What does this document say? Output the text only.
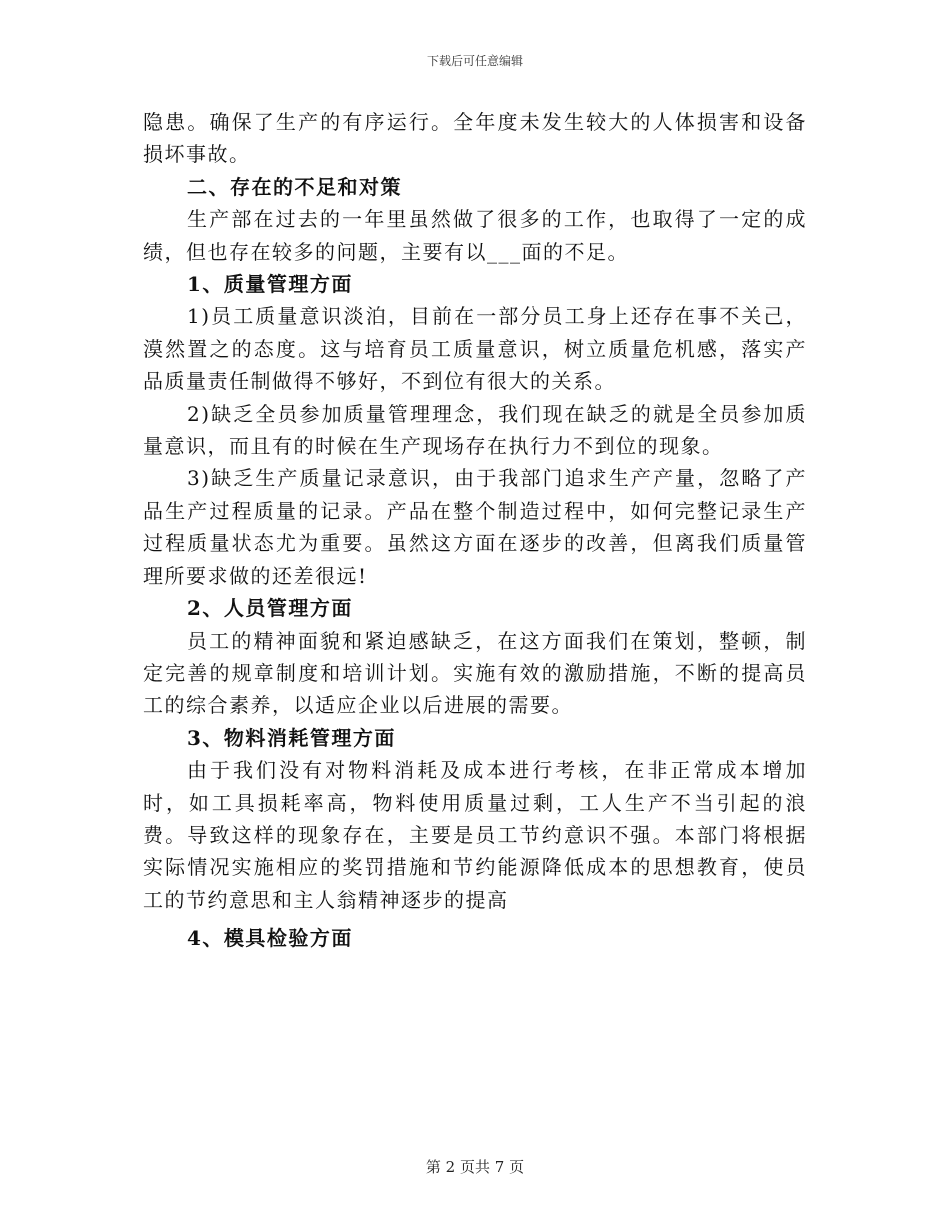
下载后可任意编辑

隐患。确保了生产的有序运行。全年度未发生较大的人体损害和设备损坏事故。

二、存在的不足和对策

生产部在过去的一年里虽然做了很多的工作，也取得了一定的成绩，但也存在较多的问题，主要有以___面的不足。

1、质量管理方面

1)员工质量意识淡泊，目前在一部分员工身上还存在事不关己，漠然置之的态度。这与培育员工质量意识，树立质量危机感，落实产品质量责任制做得不够好，不到位有很大的关系。

2)缺乏全员参加质量管理理念，我们现在缺乏的就是全员参加质量意识，而且有的时候在生产现场存在执行力不到位的现象。

3)缺乏生产质量记录意识，由于我部门追求生产产量，忽略了产品生产过程质量的记录。产品在整个制造过程中，如何完整记录生产过程质量状态尤为重要。虽然这方面在逐步的改善，但离我们质量管理所要求做的还差很远!

2、人员管理方面

员工的精神面貌和紧迫感缺乏，在这方面我们在策划，整顿，制定完善的规章制度和培训计划。实施有效的激励措施，不断的提高员工的综合素养，以适应企业以后进展的需要。

3、物料消耗管理方面

由于我们没有对物料消耗及成本进行考核，在非正常成本增加时，如工具损耗率高，物料使用质量过剩，工人生产不当引起的浪费。导致这样的现象存在，主要是员工节约意识不强。本部门将根据实际情况实施相应的奖罚措施和节约能源降低成本的思想教育，使员工的节约意思和主人翁精神逐步的提高

4、模具检验方面

第 2 页共 7 页
